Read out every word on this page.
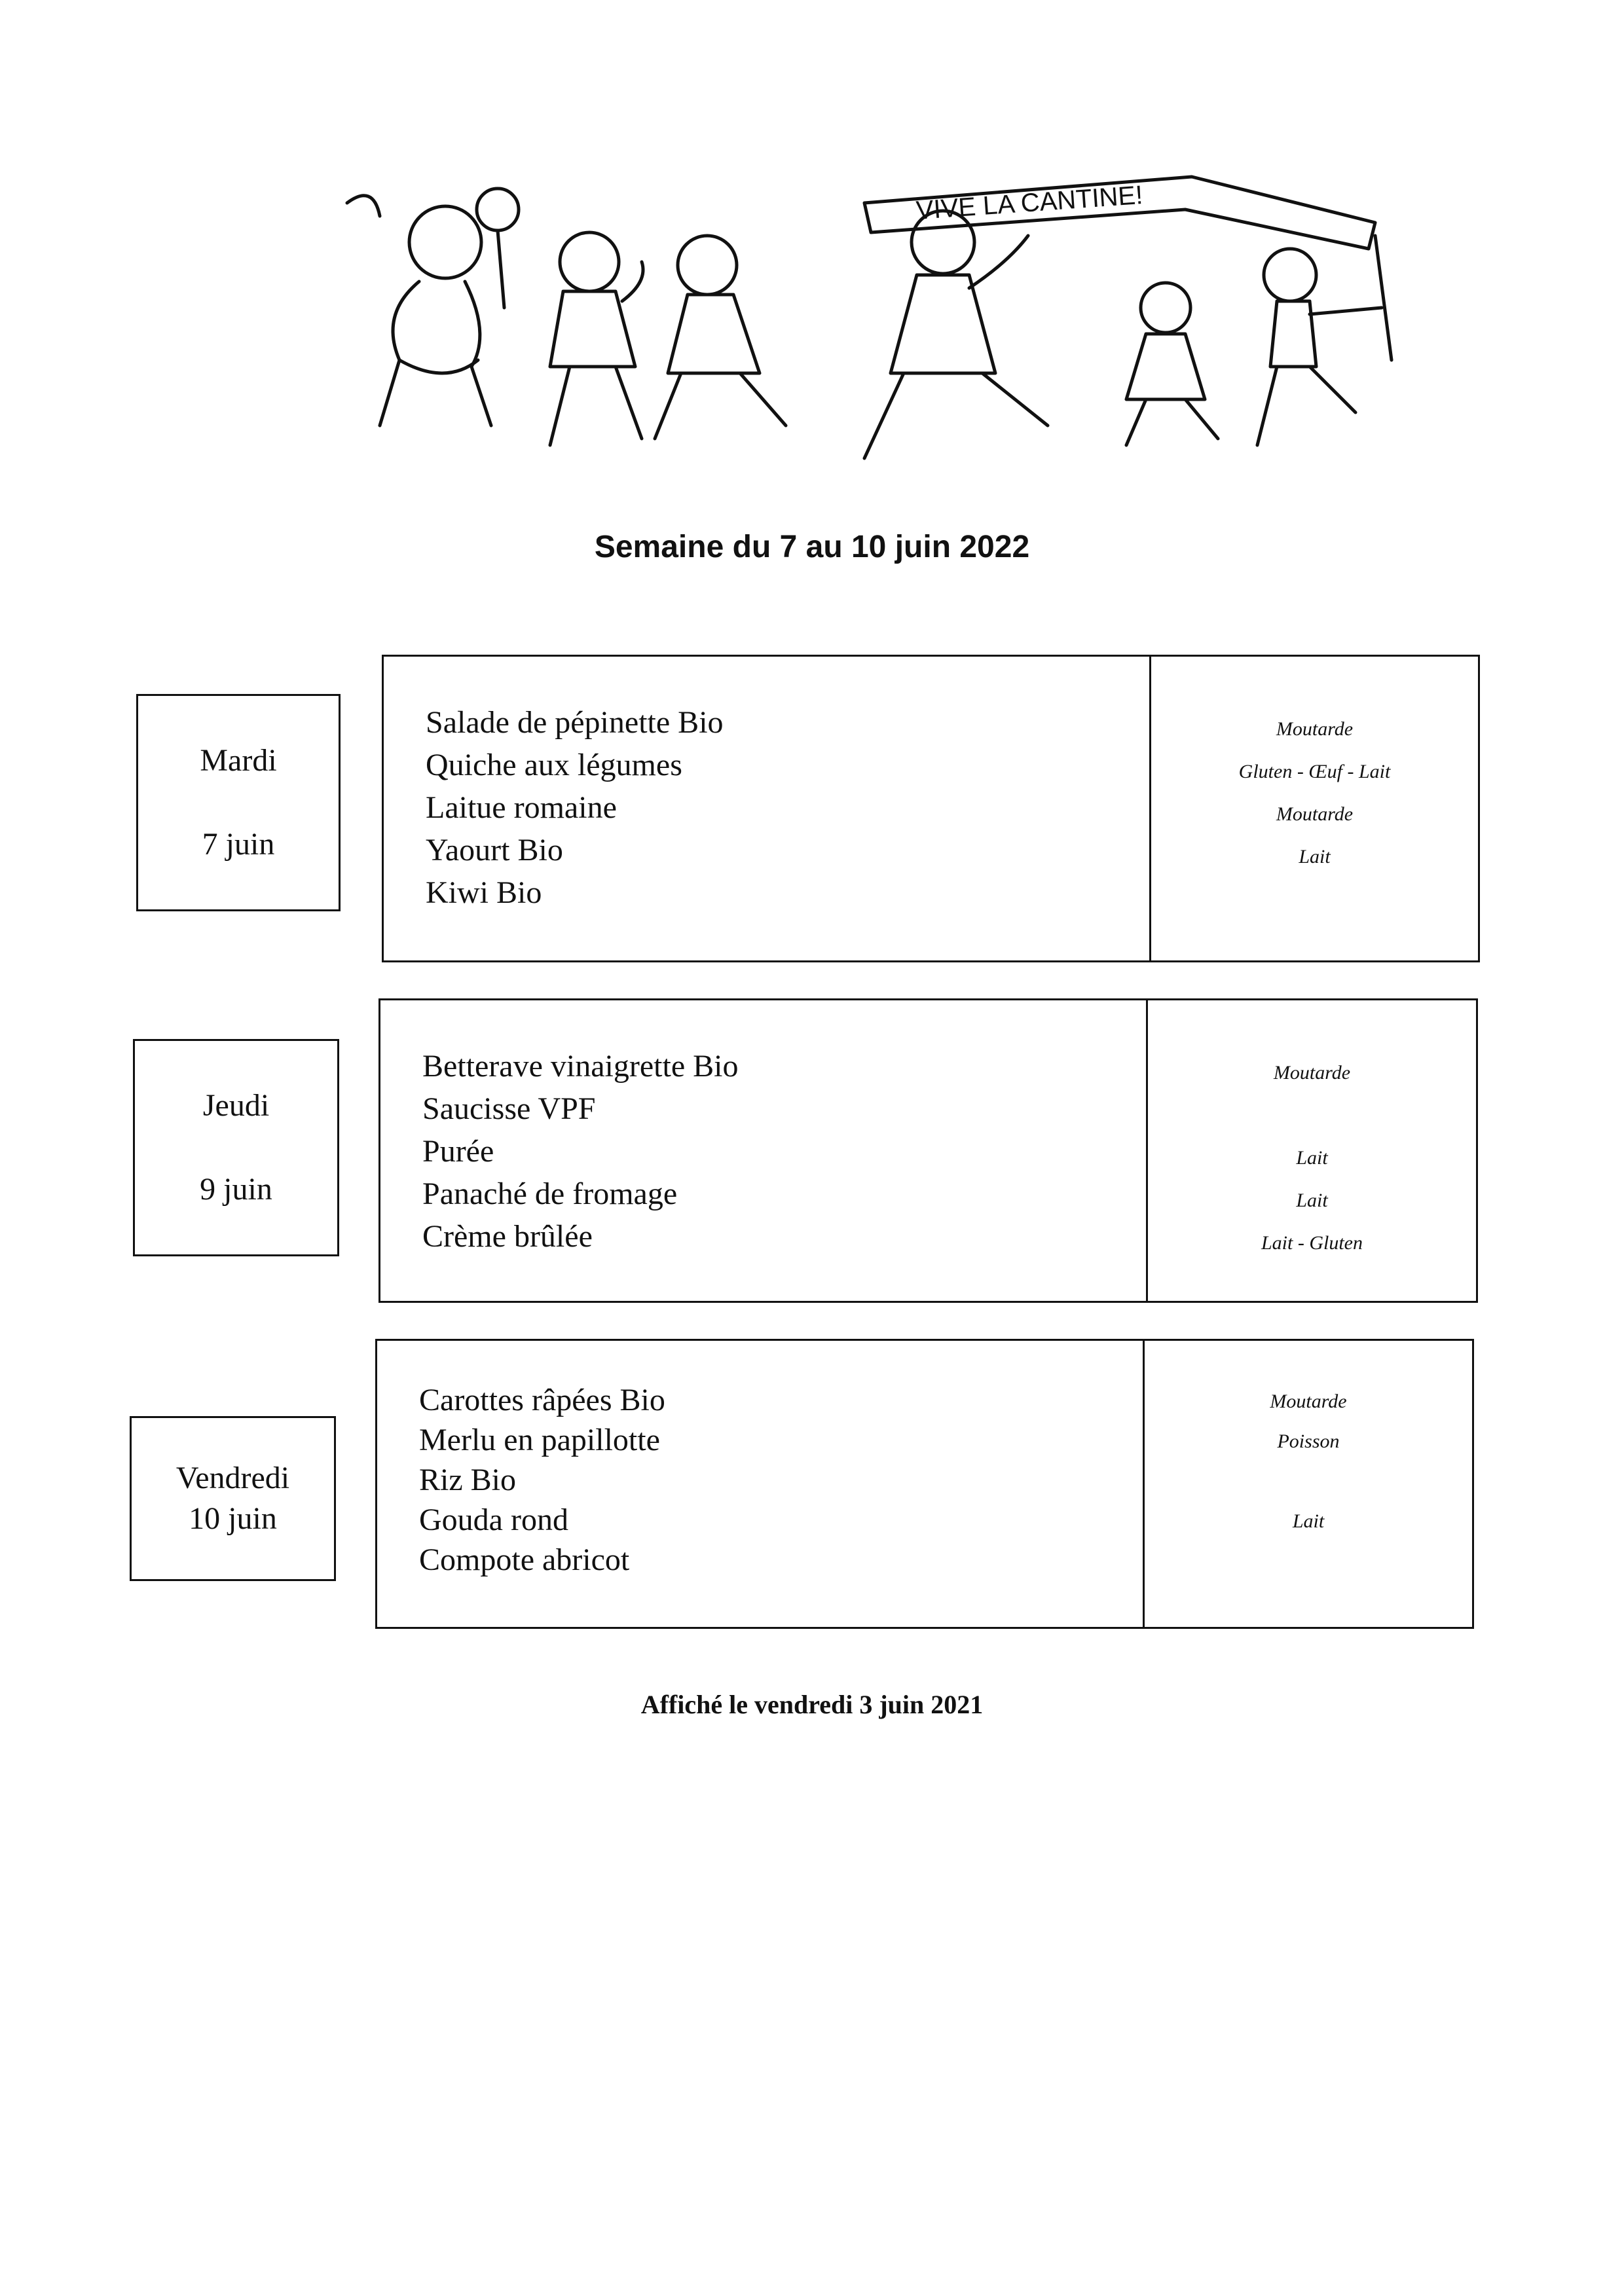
VIVE LA CANTINE!
Semaine du 7 au 10 juin 2022
Mardi
7 juin
Salade de pépinette Bio
Quiche aux légumes
Laitue romaine
Yaourt Bio
Kiwi Bio
Moutarde
Gluten - Œuf - Lait
Moutarde
Lait
Jeudi
9 juin
Betterave vinaigrette Bio
Saucisse VPF
Purée
Panaché de fromage
Crème brûlée
Moutarde
Lait
Lait
Lait - Gluten
Vendredi
10 juin
Carottes râpées Bio
Merlu en papillotte
Riz Bio
Gouda rond
Compote abricot
Moutarde
Poisson
Lait
Affiché le vendredi 3 juin 2021
